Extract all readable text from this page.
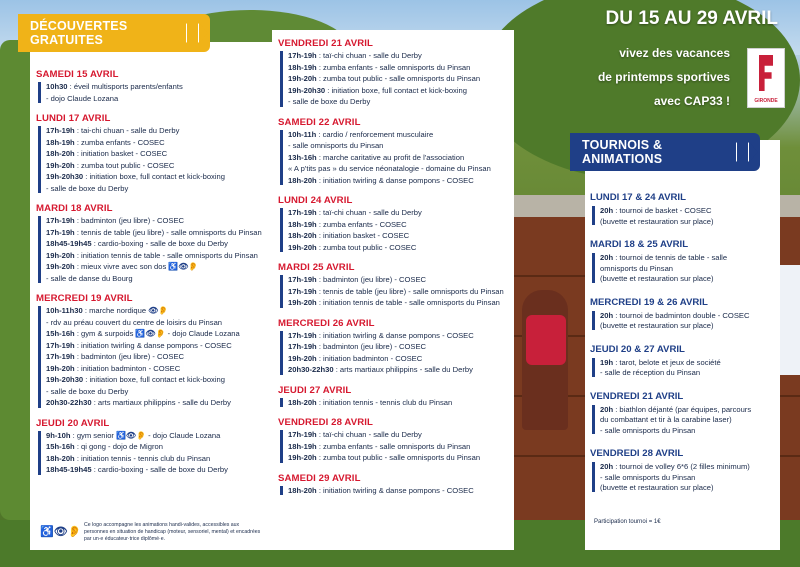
DU 15 AU 29 AVRIL
vivez des vacances
de printemps sportives
avec CAP33 !	GIRONDE
DÉCOUVERTES GRATUITES
TOURNOIS & ANIMATIONS
SAMEDI 15 AVRIL
10h30 : éveil multisports parents/enfants
- dojo Claude Lozana
LUNDI 17 AVRIL
17h-19h : tai-chi chuan - salle du Derby
18h-19h : zumba enfants - COSEC
18h-20h : initiation basket - COSEC
19h-20h : zumba tout public - COSEC
19h-20h30 : initiation boxe, full contact et kick-boxing
- salle de boxe du Derby
MARDI 18 AVRIL
17h-19h : badminton (jeu libre) - COSEC
17h-19h : tennis de table (jeu libre) - salle omnisports du Pinsan
18h45-19h45 : cardio-boxing - salle de boxe du Derby
19h-20h : initiation tennis de table - salle omnisports du Pinsan
19h-20h : mieux vivre avec son dos ♿👁👂
- salle de danse du Bourg
MERCREDI 19 AVRIL
10h-11h30 : marche nordique 👁👂
- rdv au préau couvert du centre de loisirs du Pinsan
15h-16h : gym & surpoids ♿👁👂 - dojo Claude Lozana
17h-19h : initiation twirling & danse pompons - COSEC
17h-19h : badminton (jeu libre) - COSEC
19h-20h : initiation badminton - COSEC
19h-20h30 : initiation boxe, full contact et kick-boxing
- salle de boxe du Derby
20h30-22h30 : arts martiaux philippins - salle du Derby
JEUDI 20 AVRIL
9h-10h : gym senior ♿👁👂 - dojo Claude Lozana
15h-16h : qi gong - dojo de Migron
18h-20h : initiation tennis - tennis club du Pinsan
18h45-19h45 : cardio-boxing - salle de boxe du Derby
VENDREDI 21 AVRIL
17h-19h : taï-chi chuan - salle du Derby
18h-19h : zumba enfants - salle omnisports du Pinsan
19h-20h : zumba tout public - salle omnisports du Pinsan
19h-20h30 : initiation boxe, full contact et kick-boxing
- salle de boxe du Derby
SAMEDI 22 AVRIL
10h-11h : cardio / renforcement musculaire
- salle omnisports du Pinsan
13h-16h : marche caritative au profit de l'association
« A p'tits pas » du service néonatalogie - domaine du Pinsan
18h-20h : initiation twirling & danse pompons - COSEC
LUNDI 24 AVRIL
17h-19h : taï-chi chuan - salle du Derby
18h-19h : zumba enfants - COSEC
18h-20h : initiation basket - COSEC
19h-20h : zumba tout public - COSEC
MARDI 25 AVRIL
17h-19h : badminton (jeu libre) - COSEC
17h-19h : tennis de table (jeu libre) - salle omnisports du Pinsan
19h-20h : initiation tennis de table - salle omnisports du Pinsan
MERCREDI 26 AVRIL
17h-19h : initiation twirling & danse pompons - COSEC
17h-19h : badminton (jeu libre) - COSEC
19h-20h : initiation badminton - COSEC
20h30-22h30 : arts martiaux philippins - salle du Derby
JEUDI 27 AVRIL
18h-20h : initiation tennis - tennis club du Pinsan
VENDREDI 28 AVRIL
17h-19h : taï-chi chuan - salle du Derby
18h-19h : zumba enfants - salle omnisports du Pinsan
19h-20h : zumba tout public - salle omnisports du Pinsan
SAMEDI 29 AVRIL
18h-20h : initiation twirling & danse pompons - COSEC
LUNDI 17 & 24 AVRIL
20h : tournoi de basket - COSEC
(buvette et restauration sur place)
MARDI 18 & 25 AVRIL
20h : tournoi de tennis de table - salle
omnisports du Pinsan
(buvette et restauration sur place)
MERCREDI 19 & 26 AVRIL
20h : tournoi de badminton double - COSEC
(buvette et restauration sur place)
JEUDI 20 & 27 AVRIL
19h : tarot, belote et jeux de société
- salle de réception du Pinsan
VENDREDI 21 AVRIL
20h : biathlon déjanté (par équipes, parcours
du combattant et tir à la carabine laser)
- salle omnisports du Pinsan
VENDREDI 28 AVRIL
20h : tournoi de volley 6*6 (2 filles minimum)
- salle omnisports du Pinsan
(buvette et restauration sur place)
♿👁👂
Ce logo accompagne les animations handi-valides, accessibles aux personnes en situation de handicap (moteur, sensoriel, mental) et encadrées par un·e éducateur·trice diplômé·e.
Participation tournoi = 1€
programme prévisionnel, sous réserve de modification
